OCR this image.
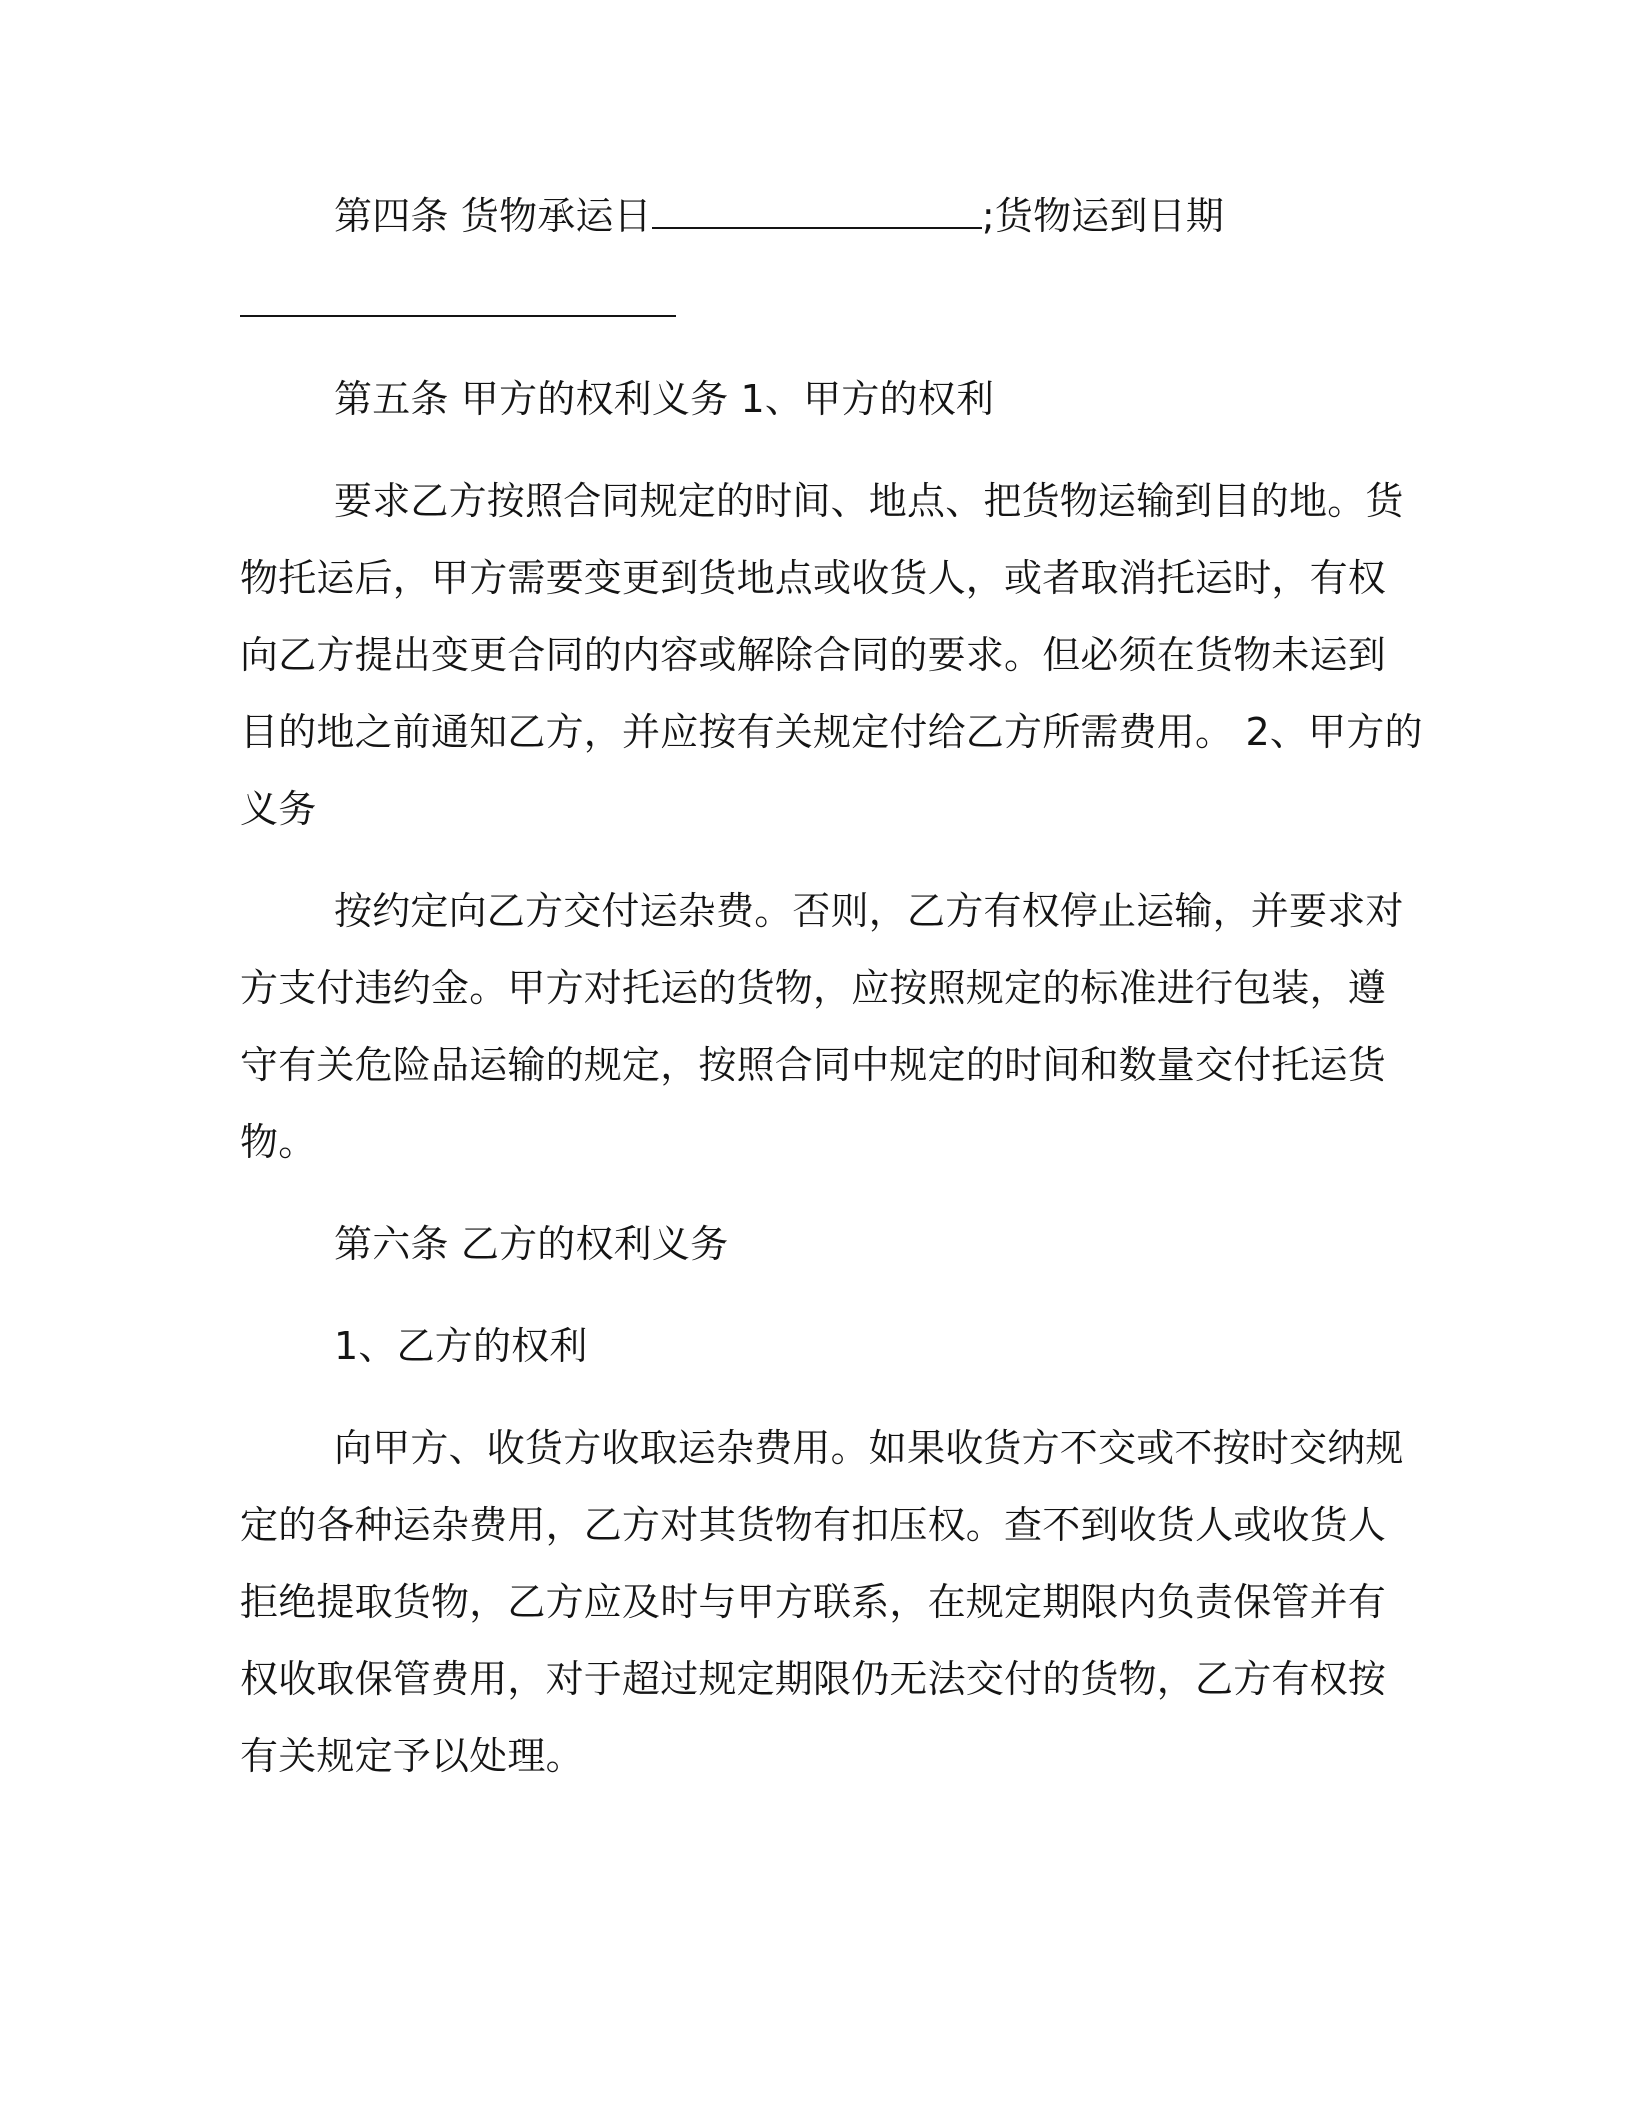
第四条 货物承运日	;货物运到日期
第五条 甲方的权利义务 1、甲方的权利
要求乙方按照合同规定的时间、地点、把货物运输到目的地。货
物托运后，甲方需要变更到货地点或收货人，或者取消托运时，有权
向乙方提出变更合同的内容或解除合同的要求。但必须在货物未运到
目的地之前通知乙方，并应按有关规定付给乙方所需费用。 2、甲方的
义务
按约定向乙方交付运杂费。否则，乙方有权停止运输，并要求对
方支付违约金。甲方对托运的货物，应按照规定的标准进行包装，遵
守有关危险品运输的规定，按照合同中规定的时间和数量交付托运货
物。
第六条 乙方的权利义务
1、乙方的权利
向甲方、收货方收取运杂费用。如果收货方不交或不按时交纳规
定的各种运杂费用，乙方对其货物有扣压权。查不到收货人或收货人
拒绝提取货物，乙方应及时与甲方联系，在规定期限内负责保管并有
权收取保管费用，对于超过规定期限仍无法交付的货物，乙方有权按
有关规定予以处理。
